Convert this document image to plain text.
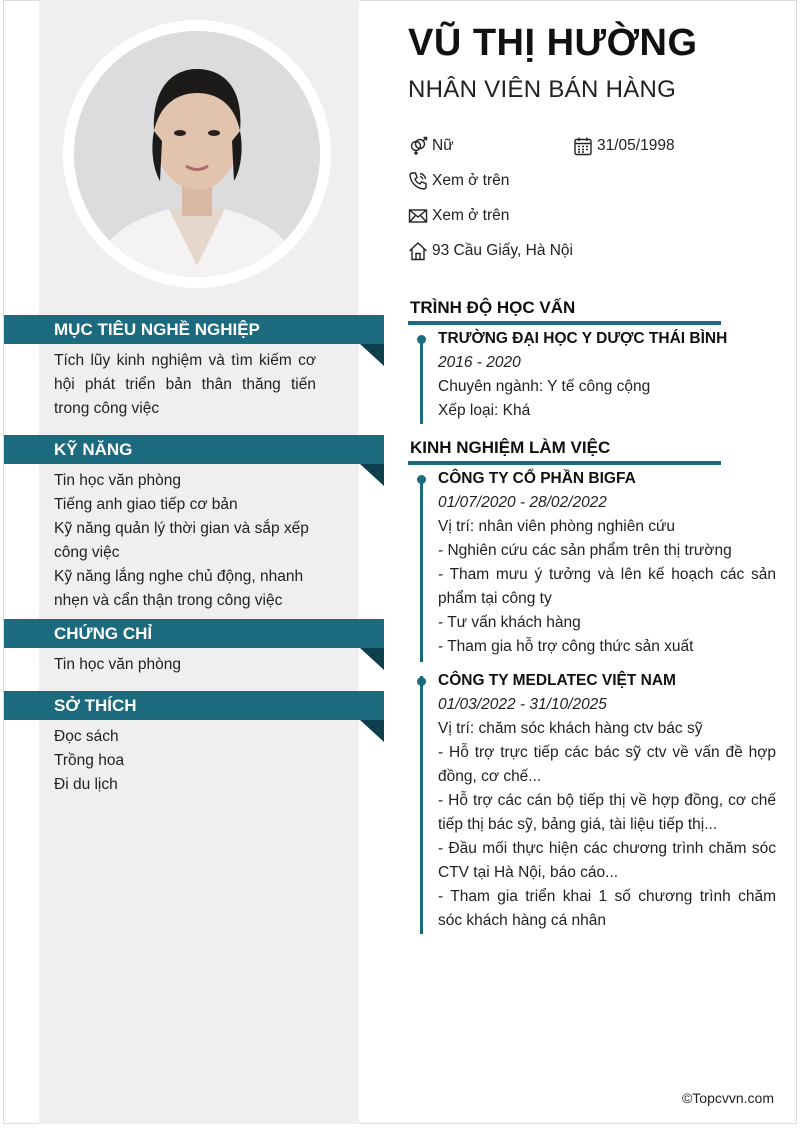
VŨ THỊ HƯỜNG
NHÂN VIÊN BÁN HÀNG
Nữ	31/05/1998
Xem ở trên
Xem ở trên
93 Cầu Giấy, Hà Nội
MỤC TIÊU NGHỀ NGHIỆP
Tích lũy kinh nghiệm và tìm kiếm cơ hội phát triển bản thân thăng tiến trong công việc
KỸ NĂNG
Tin học văn phòng
Tiếng anh giao tiếp cơ bản
Kỹ năng quản lý thời gian và sắp xếp công việc
Kỹ năng lắng nghe chủ động, nhanh nhẹn và cẩn thận trong công việc
CHỨNG CHỈ
Tin học văn phòng
SỞ THÍCH
Đọc sách
Trồng hoa
Đi du lịch
TRÌNH ĐỘ HỌC VẤN
TRƯỜNG ĐẠI HỌC Y DƯỢC THÁI BÌNH
2016 - 2020
Chuyên ngành: Y tế công cộng
Xếp loại: Khá
KINH NGHIỆM LÀM VIỆC
CÔNG TY CỔ PHẦN BIGFA
01/07/2020 - 28/02/2022
Vị trí: nhân viên phòng nghiên cứu

- Nghiên cứu các sản phẩm trên thị trường

- Tham mưu ý tưởng và lên kế hoạch các sản phẩm tại công ty

- Tư vấn khách hàng

- Tham gia hỗ trợ công thức sản xuất

CÔNG TY MEDLATEC VIỆT NAM
01/03/2022 - 31/10/2025
Vị trí: chăm sóc khách hàng ctv bác sỹ

- Hỗ trợ trực tiếp các bác sỹ ctv về vấn đề hợp đồng, cơ chế...

- Hỗ trợ các cán bộ tiếp thị về hợp đồng, cơ chế tiếp thị bác sỹ, bảng giá, tài liệu tiếp thị...

- Đầu mối thực hiện các chương trình chăm sóc CTV tại Hà Nội, báo cáo...

- Tham gia triển khai 1 số chương trình chăm sóc khách hàng cá nhân

©Topcvvn.com
